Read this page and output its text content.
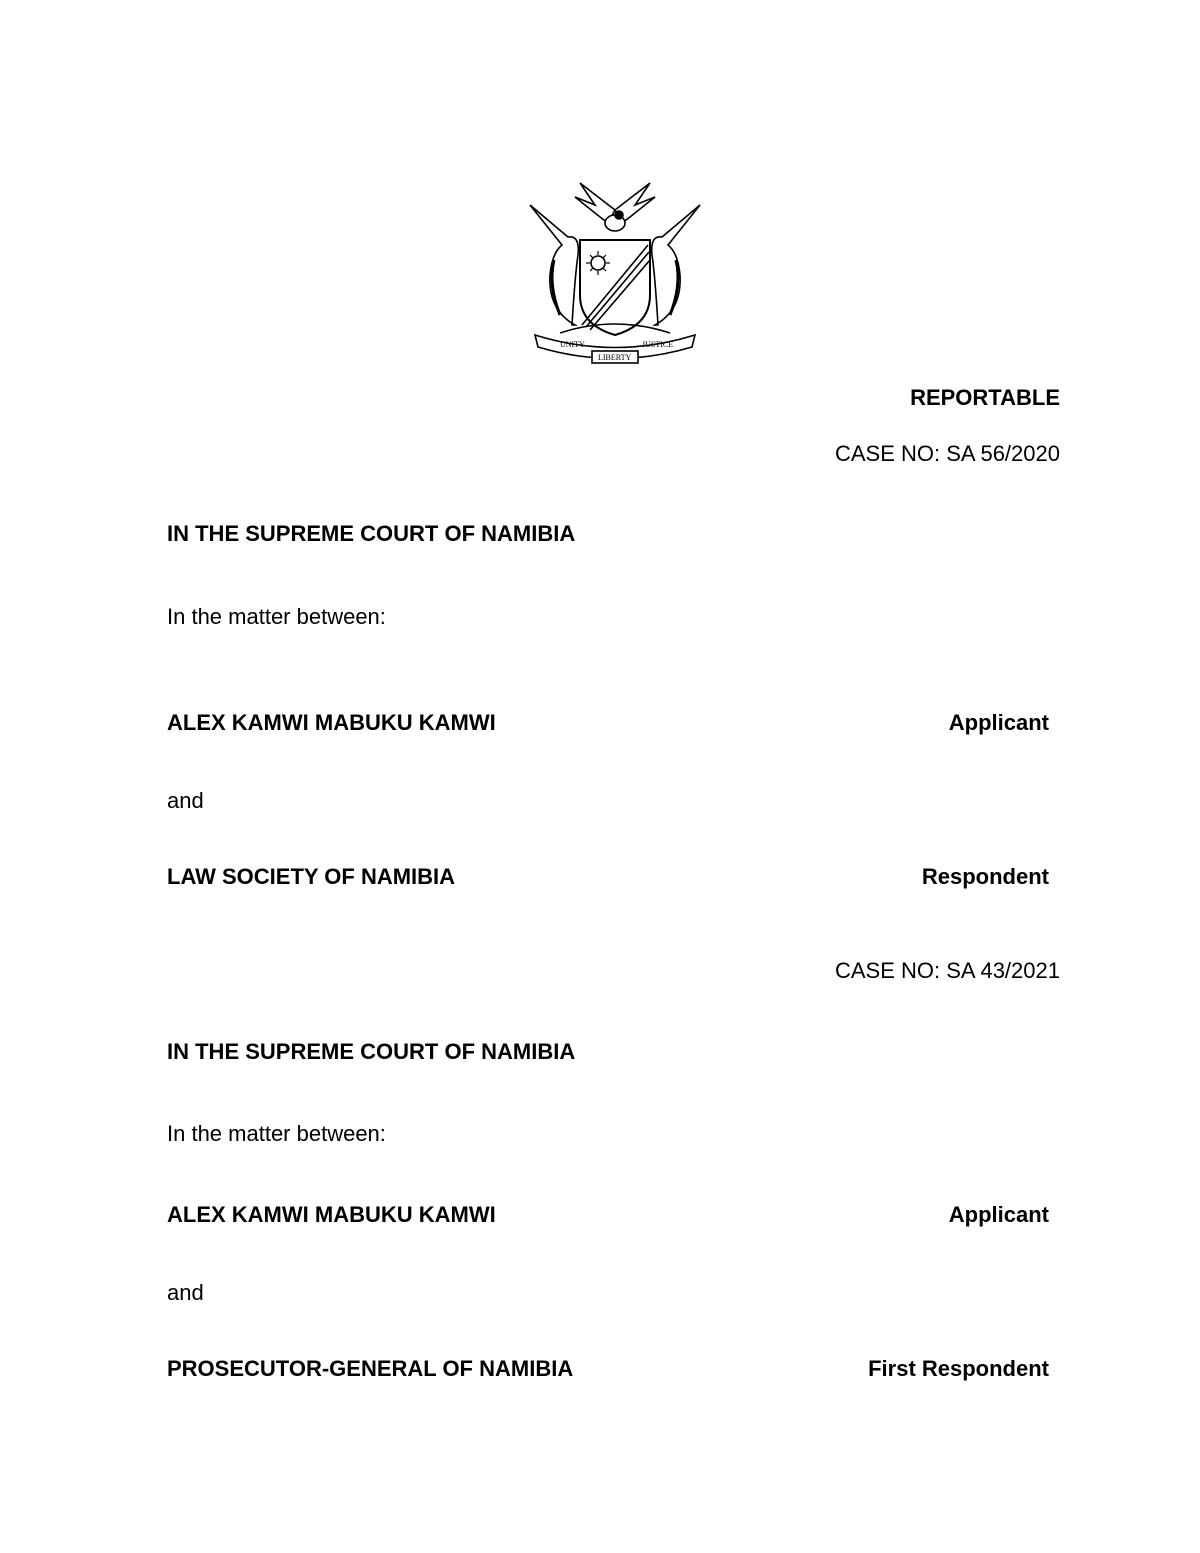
UNITY	JUSTICE
LIBERTY
REPORTABLE
CASE NO: SA 56/2020
IN THE SUPREME COURT OF NAMIBIA
In the matter between:
ALEX KAMWI MABUKU KAMWI	Applicant
and
LAW SOCIETY OF NAMIBIA	Respondent
CASE NO: SA 43/2021
IN THE SUPREME COURT OF NAMIBIA
In the matter between:
ALEX KAMWI MABUKU KAMWI	Applicant
and
PROSECUTOR-GENERAL OF NAMIBIA	First Respondent
